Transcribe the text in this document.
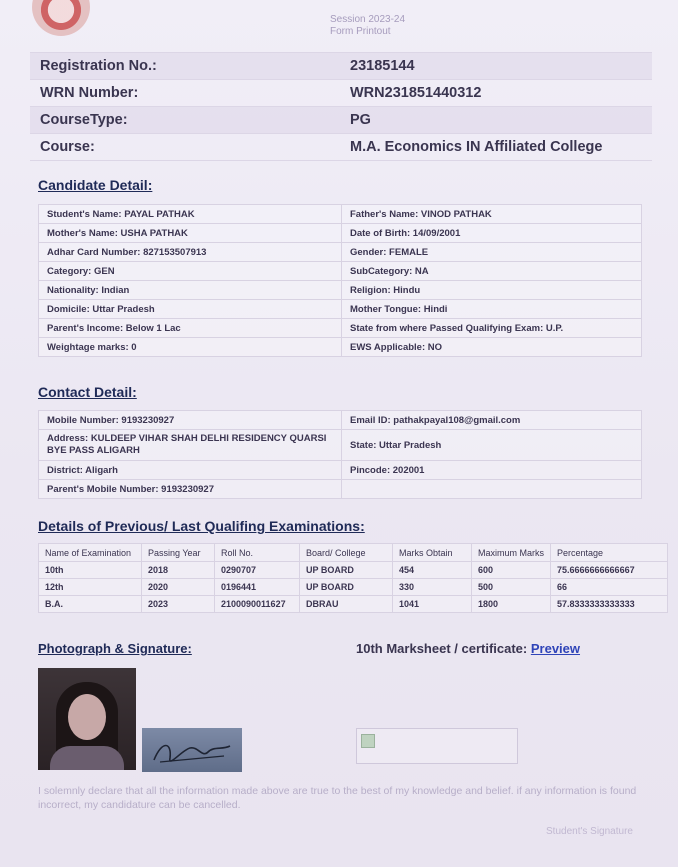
Session 2023-24
Form Printout
Registration No.:	23185144
WRN Number:	WRN231851440312
CourseType:	PG
Course:	M.A. Economics IN Affiliated College
Candidate Detail:
Student's Name: PAYAL PATHAK	Father's Name: VINOD PATHAK
Mother's Name: USHA PATHAK	Date of Birth: 14/09/2001
Adhar Card Number: 827153507913	Gender: FEMALE
Category: GEN	SubCategory: NA
Nationality: Indian	Religion: Hindu
Domicile: Uttar Pradesh	Mother Tongue: Hindi
Parent's Income: Below 1 Lac	State from where Passed Qualifying Exam: U.P.
Weightage marks: 0	EWS Applicable: NO
Contact Detail:
Mobile Number: 9193230927	Email ID: pathakpayal108@gmail.com
Address: KULDEEP VIHAR SHAH DELHI RESIDENCY QUARSI BYE PASS ALIGARH	State: Uttar Pradesh
District: Aligarh	Pincode: 202001
Parent's Mobile Number: 9193230927	
Details of Previous/ Last Qualifing Examinations:
Name of Examination	Passing Year	Roll No.	Board/ College	Marks Obtain	Maximum Marks	Percentage
10th	2018	0290707	UP BOARD	454	600	75.6666666666667
12th	2020	0196441	UP BOARD	330	500	66
B.A.	2023	2100090011627	DBRAU	1041	1800	57.8333333333333
Photograph & Signature:	10th Marksheet / certificate: Preview
I solemnly declare that all the information made above are true to the best of my knowledge and belief. if any information is found incorrect, my candidature can be cancelled.
Student's Signature
